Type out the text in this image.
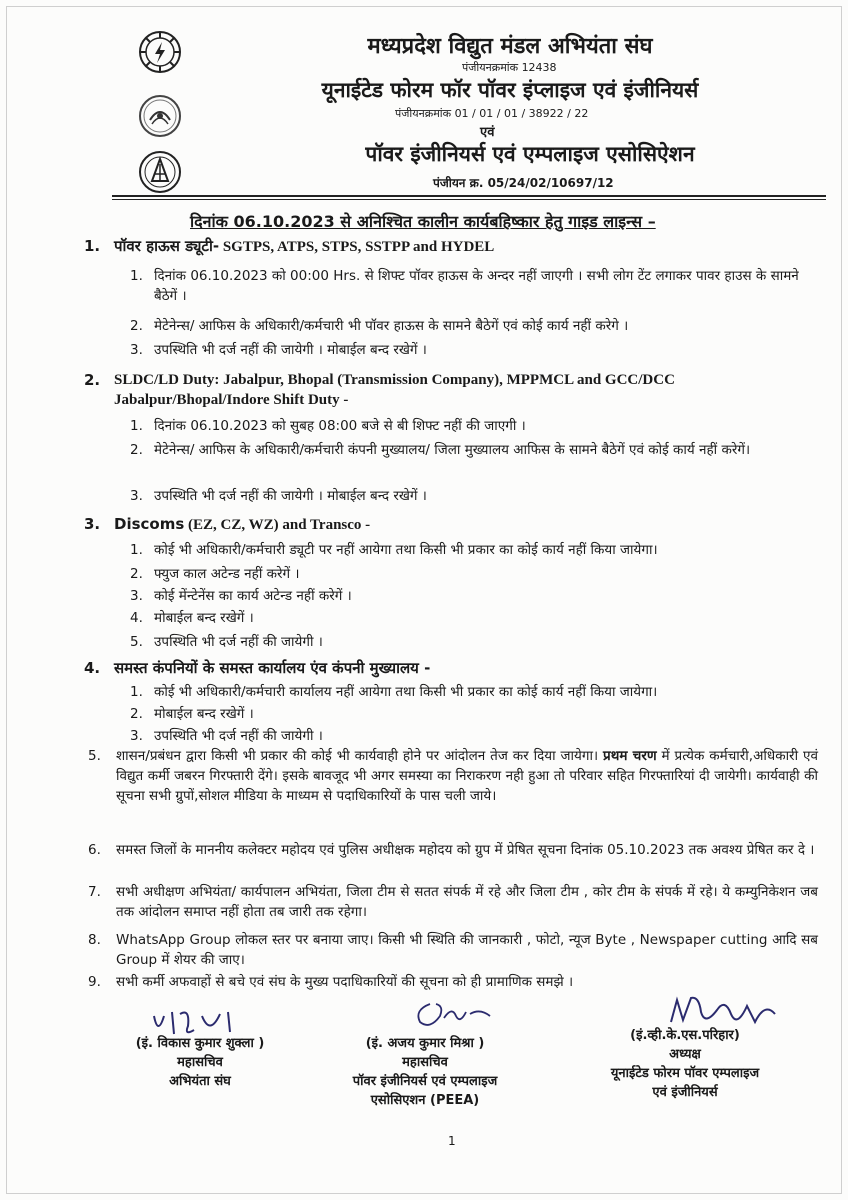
मध्यप्रदेश विद्युत मंडल अभियंता संघ
पंजीयनक्रमांक 12438
यूनाईटेड फोरम फॉर पॉवर इंप्लाइज एवं इंजीनियर्स
पंजीयनक्रमांक 01 / 01 / 01 / 38922 / 22
एवं
पॉवर इंजीनियर्स एवं एम्पलाइज एसोसिऐशन
पंजीयन क्र. 05/24/02/10697/12
दिनांक 06.10.2023 से अनिश्चित कालीन कार्यबहिष्कार हेतु गाइड लाइन्स –
1. पॉवर हाऊस ड्यूटी- SGTPS, ATPS, STPS, SSTPP and HYDEL
1. दिनांक 06.10.2023 को 00:00 Hrs. से शिफ्ट पॉवर हाऊस के अन्दर नहीं जाएगी । सभी लोग टेंट लगाकर पावर हाउस के सामने बैठेगें ।
2. मेटेनेन्स/ आफिस के अधिकारी/कर्मचारी भी पॉवर हाऊस के सामने बैठेगें एवं कोई कार्य नहीं करेगे ।
3. उपस्थिति भी दर्ज नहीं की जायेगी । मोबाईल बन्द रखेगें ।
2. SLDC/LD Duty: Jabalpur, Bhopal (Transmission Company), MPPMCL and GCC/DCC Jabalpur/Bhopal/Indore Shift Duty -
1. दिनांक 06.10.2023 को सुबह 08:00 बजे से बी शिफ्ट नहीं की जाएगी ।
2. मेटेनेन्स/ आफिस के अधिकारी/कर्मचारी कंपनी मुख्यालय/ जिला मुख्यालय आफिस के सामने बैठेगें एवं कोई कार्य नहीं करेगें।
3. उपस्थिति भी दर्ज नहीं की जायेगी । मोबाईल बन्द रखेगें ।
3. Discoms (EZ, CZ, WZ) and Transco -
1. कोई भी अधिकारी/कर्मचारी ड्यूटी पर नहीं आयेगा तथा किसी भी प्रकार का कोई कार्य नहीं किया जायेगा।
2. फ्युज काल अटेन्ड नहीं करेगें ।
3. कोई मेंन्टेनेंस का कार्य अटेन्ड नहीं करेगें ।
4. मोबाईल बन्द रखेगें ।
5. उपस्थिति भी दर्ज नहीं की जायेगी ।
4. समस्त कंपनियों के समस्त कार्यालय एंव कंपनी मुख्यालय -
1. कोई भी अधिकारी/कर्मचारी कार्यालय नहीं आयेगा तथा किसी भी प्रकार का कोई कार्य नहीं किया जायेगा।
2. मोबाईल बन्द रखेगें ।
3. उपस्थिति भी दर्ज नहीं की जायेगी ।
5.	शासन/प्रबंधन द्वारा किसी भी प्रकार की कोई भी कार्यवाही होने पर आंदोलन तेज कर दिया जायेगा। प्रथम चरण में प्रत्येक कर्मचारी,अधिकारी एवं विद्युत कर्मी जबरन गिरफ्तारी देंगे। इसके बावजूद भी अगर समस्या का निराकरण नही हुआ तो परिवार सहित गिरफ्तारियां दी जायेगी। कार्यवाही की सूचना सभी ग्रुपों,सोशल मीडिया के माध्यम से पदाधिकारियों के पास चली जाये।
6.	समस्त जिलों के माननीय कलेक्टर महोदय एवं पुलिस अधीक्षक महोदय को ग्रुप में प्रेषित सूचना दिनांक 05.10.2023 तक अवश्य प्रेषित कर दे ।
7.	सभी अधीक्षण अभियंता/ कार्यपालन अभियंता, जिला टीम से सतत संपर्क में रहे और जिला टीम , कोर टीम के संपर्क में रहे। ये कम्युनिकेशन जब तक आंदोलन समाप्त नहीं होता तब जारी तक रहेगा।
8.	WhatsApp Group लोकल स्तर पर बनाया जाए। किसी भी स्थिति की जानकारी , फोटो, न्यूज Byte , Newspaper cutting आदि सब Group में शेयर की जाए।
9.	सभी कर्मी अफवाहों से बचे एवं संघ के मुख्य पदाधिकारियों की सूचना को ही प्रामाणिक समझे ।
(इं. विकास कुमार शुक्ला )
महासचिव
अभियंता संघ
(इं. अजय कुमार मिश्रा )
महासचिव
पॉवर इंजीनियर्स एवं एम्पलाइज
एसोसिएशन (PEEA)
(इं.व्ही.के.एस.परिहार)
अध्यक्ष
यूनाईटेड फोरम पॉवर एम्पलाइज
एवं इंजीनियर्स
1
